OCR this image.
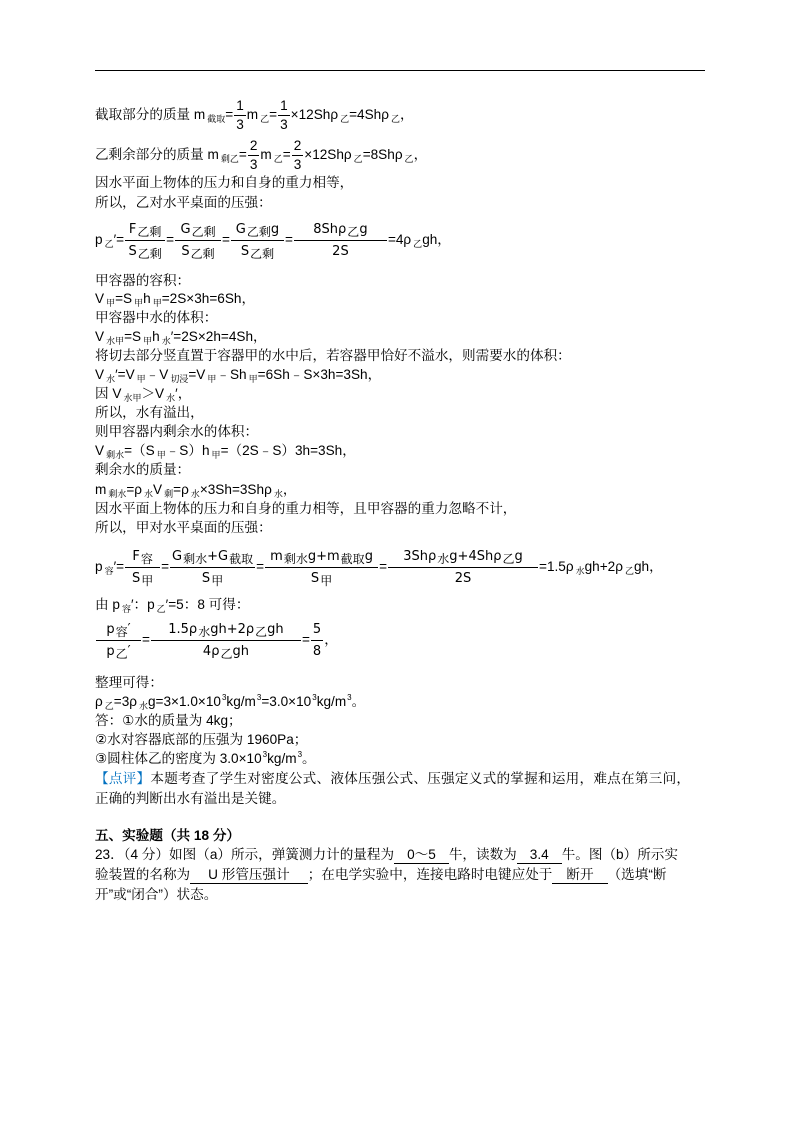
截取部分的质量 m 截取 = $\frac{1}{3}$ m 乙 = $\frac{1}{3} \times 12Sh\rho$ 乙 =4Shρ 乙 ，
乙剩余部分的质量 m 剩乙 = $\frac{2}{3}$ m 乙 = $\frac{2}{3} \times 12Sh\rho$ 乙 =8Shρ 乙 ，
因水平面上物体的压力和自身的重力相等，
所以，乙对水平桌面的压强：
p 乙 ′= $\frac{\text{F 乙剩}}{\text{S 乙剩}} = \frac{\text{G 乙剩}}{\text{S 乙剩}} = \frac{\text{G 乙剩 g}}{\text{S 乙剩}} = \frac{\text{8Shρ 乙 g}}{2S} =4\rho$ 乙 gh，
甲容器的容积：
V 甲 =S 甲 h 甲 =2S×3h=6Sh，
甲容器中水的体积：
V 水甲 =S 甲 h 水 ′=2S×2h=4Sh，
将切去部分竖直置于容器甲的水中后，若容器甲恰好不溢水，则需要水的体积：
V 水 ′=V 甲 ﹣V 切浸 =V 甲 ﹣Sh 甲 =6Sh﹣S×3h=3Sh，
因 V 水甲 ＞V 水 ′，
所以，水有溢出，
则甲容器内剩余水的体积：
V 剩水 =（S 甲 ﹣S）h 甲 =（2S﹣S）3h=3Sh，
剩余水的质量：
m 剩水 =ρ 水 V 剩 =ρ 水 ×3Sh=3Shρ 水 ，
因水平面上物体的压力和自身的重力相等，且甲容器的重力忽略不计，
所以，甲对水平桌面的压强：
p 容 ′= $\frac{\text{F 容}}{\text{S 甲}} = \frac{\text{G 剩水 +G 截取}}{\text{S 甲}} = \frac{\text{m 剩水 g+m 截取 g}}{\text{S 甲}} = \frac{\text{3Shρ 水 g+4Shρ 乙 g}}{2S} =1.5\rho$ 水 gh+2ρ 乙 gh，
由 p 容 ′：p 乙 ′=5：8 可得：
$\frac{\text{p 容 ′}}{\text{p 乙 ′}} = \frac{\text{1.5ρ 水 gh+2ρ 乙 gh}}{\text{4ρ 乙 gh}} = \frac{5}{8}$ ，
整理可得：
ρ 乙 =3ρ 水 g=3×1.0×10 3 kg/m 3 =3.0×10 3 kg/m 3 。
答：①水的质量为 4kg；
②水对容器底部的压强为 1960Pa；
③圆柱体乙的密度为 3.0×10 3 kg/m 3 。
【点评】 本题考查了学生对密度公式、液体压强公式、压强定义式的掌握和运用，难点在第三问，
正确的判断出水有溢出是关键。
五、实验题（共 18 分）
23．（4 分）如图（a）所示，弹簧测力计的量程为 0～5 牛，读数为 3.4 牛。图（b）所示实
验装置的名称为	U 形管压强计	；在电学实验中，连接电路时电键应处于	断开	（选填“断
开”或“闭合”）状态。
